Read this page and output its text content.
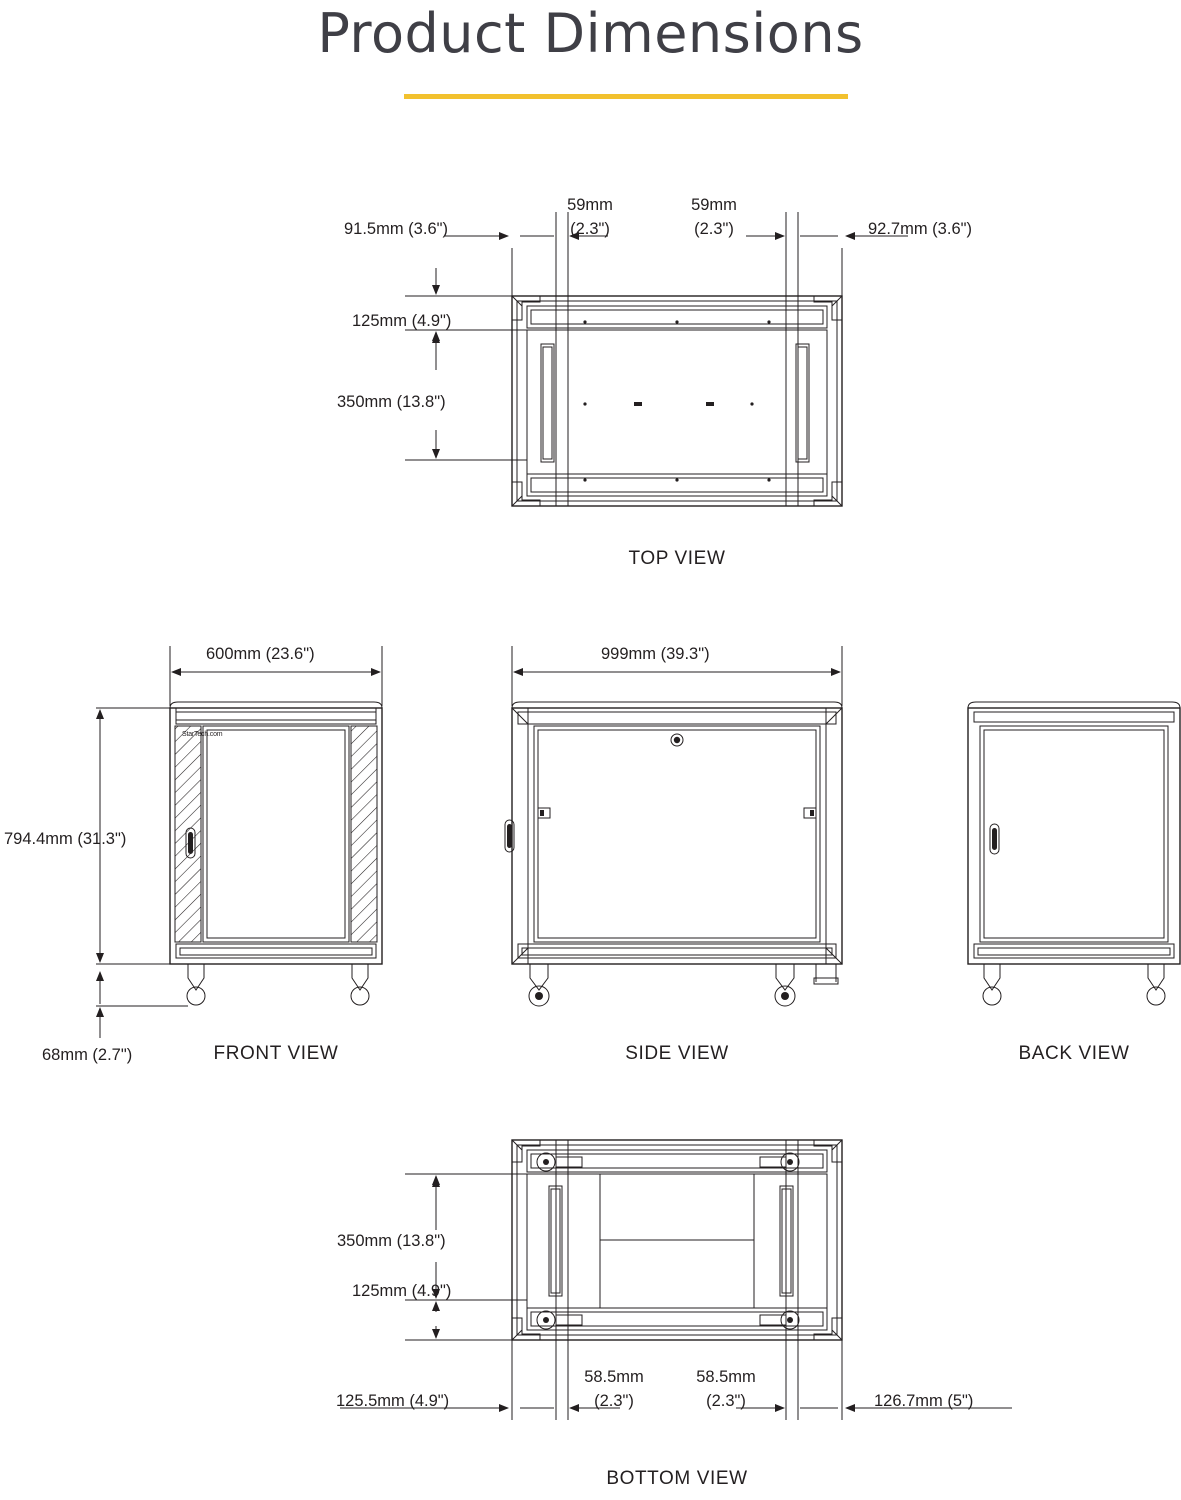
Product Dimensions
91.5mm (3.6")
59mm
(2.3")
59mm
(2.3")	92.7mm (3.6")
125mm (4.9")
350mm (13.8")
TOP VIEW
600mm (23.6")
794.4mm (31.3")
68mm (2.7")	FRONT VIEW
999mm (39.3")
SIDE VIEW	BACK VIEW
350mm (13.8")
125mm (4.9")
125.5mm (4.9")
58.5mm
(2.3")
58.5mm
(2.3")	126.7mm (5")
BOTTOM VIEW
StarTech.com
